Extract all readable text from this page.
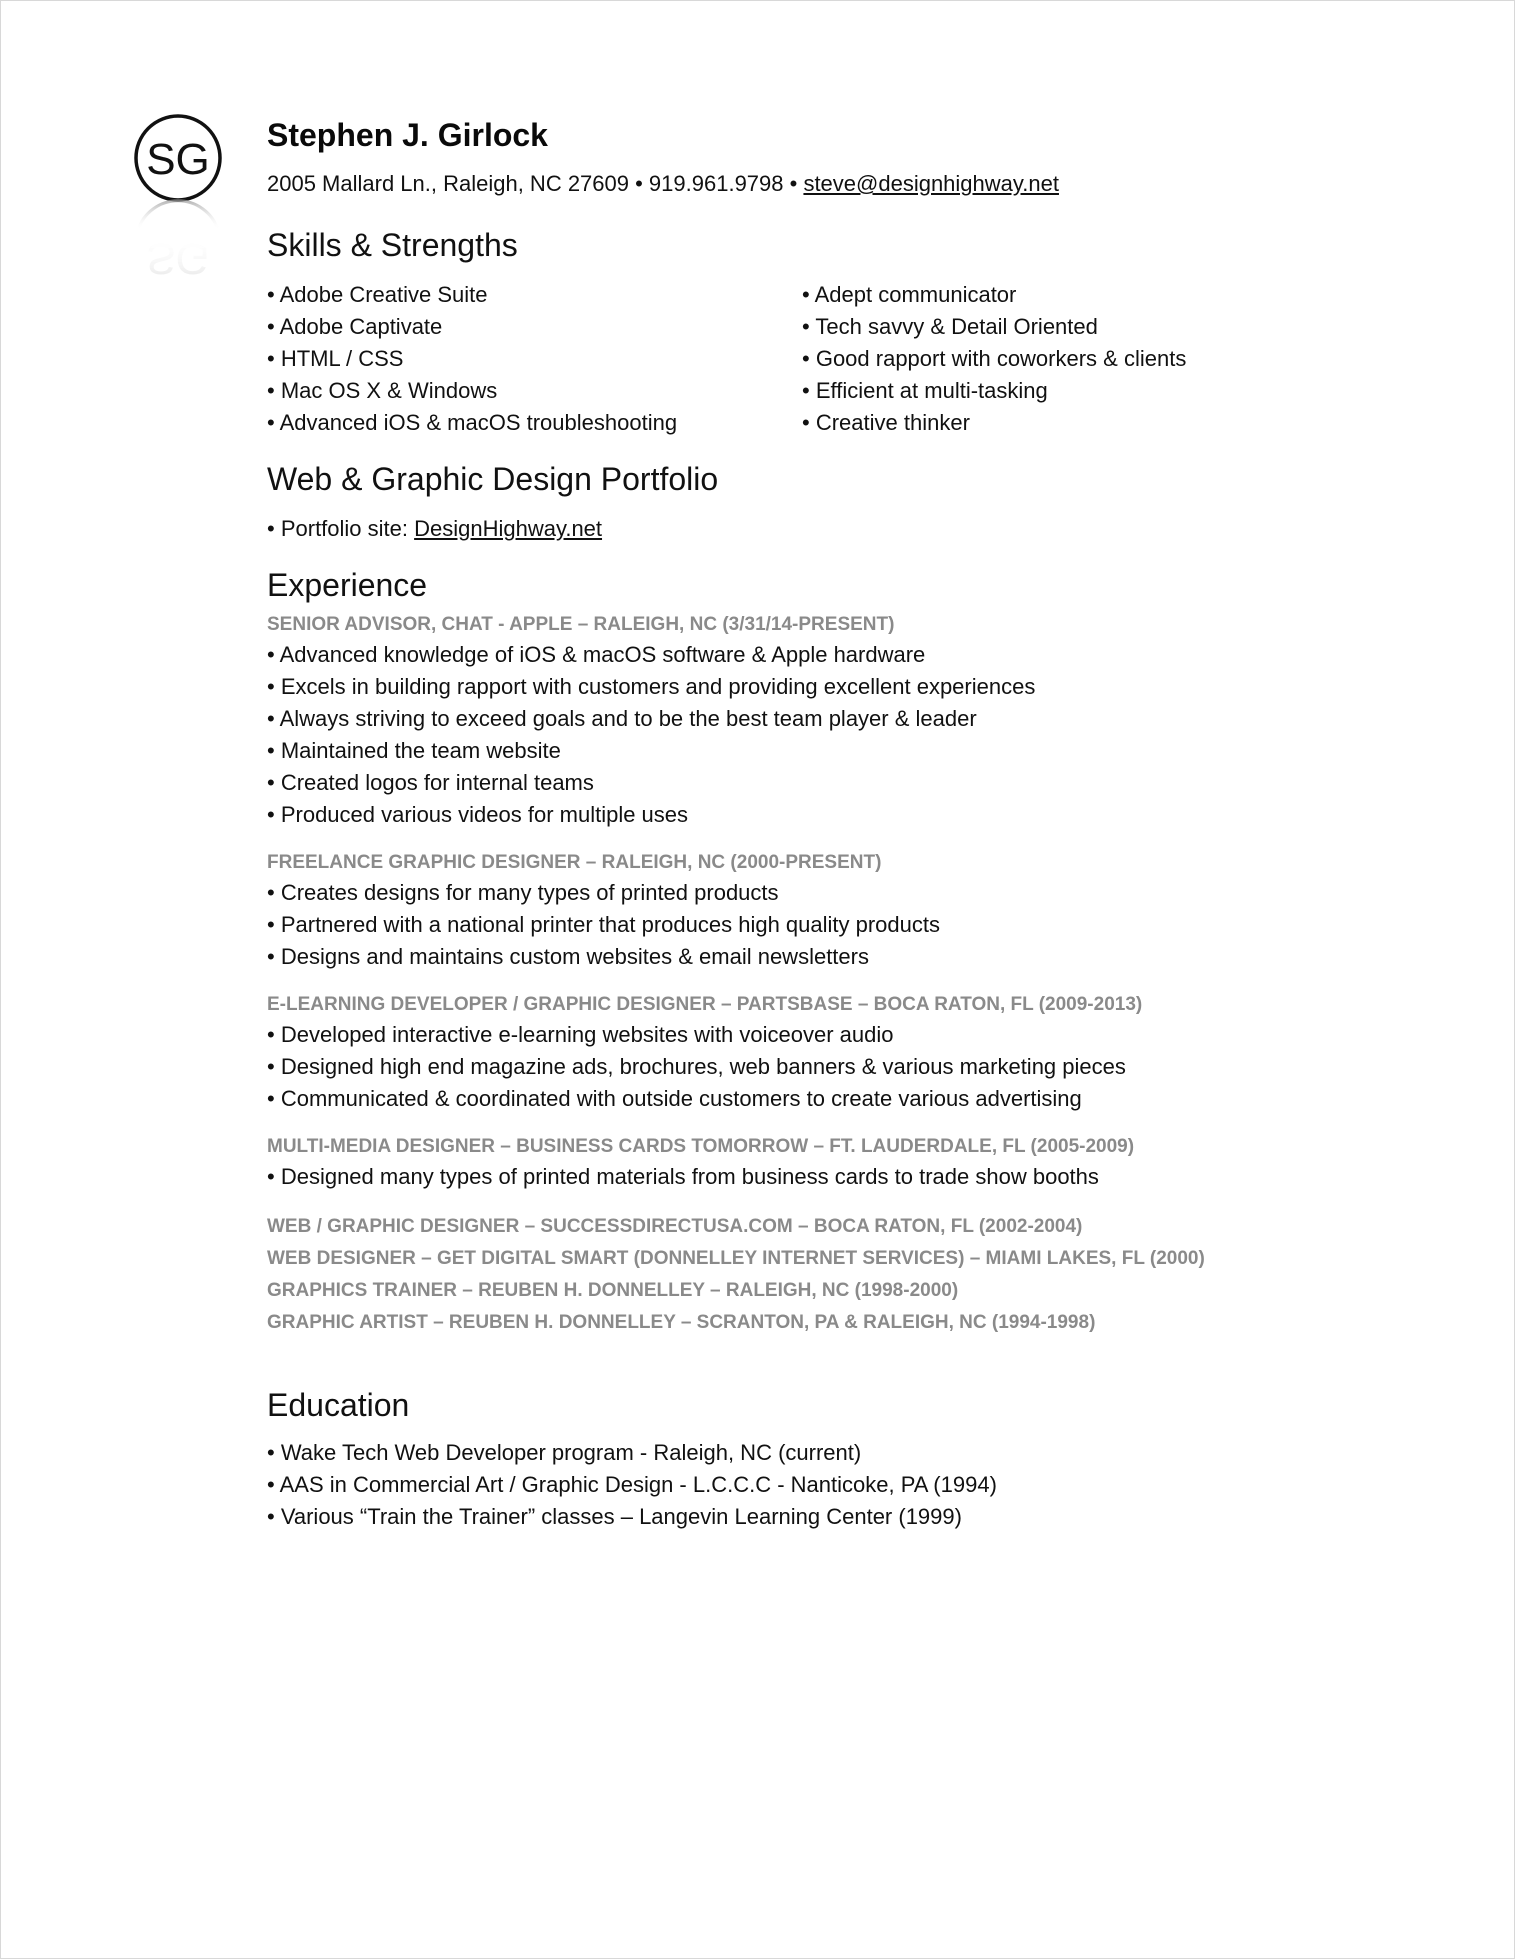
SG
SG
Stephen J. Girlock
2005 Mallard Ln., Raleigh, NC 27609 • 919.961.9798 • steve@designhighway.net
Skills & Strengths
• Adobe Creative Suite
• Adobe Captivate
• HTML / CSS
• Mac OS X & Windows
• Advanced iOS & macOS troubleshooting
• Adept communicator
• Tech savvy & Detail Oriented
• Good rapport with coworkers & clients
• Efficient at multi-tasking
• Creative thinker
Web & Graphic Design Portfolio
• Portfolio site: DesignHighway.net
Experience
SENIOR ADVISOR, CHAT - APPLE – RALEIGH, NC (3/31/14-PRESENT)
• Advanced knowledge of iOS & macOS software & Apple hardware
• Excels in building rapport with customers and providing excellent experiences
• Always striving to exceed goals and to be the best team player & leader
• Maintained the team website
• Created logos for internal teams
• Produced various videos for multiple uses
FREELANCE GRAPHIC DESIGNER – RALEIGH, NC (2000-PRESENT)
• Creates designs for many types of printed products
• Partnered with a national printer that produces high quality products
• Designs and maintains custom websites & email newsletters
E-LEARNING DEVELOPER / GRAPHIC DESIGNER – PARTSBASE – BOCA RATON, FL (2009-2013)
• Developed interactive e-learning websites with voiceover audio
• Designed high end magazine ads, brochures, web banners & various marketing pieces
• Communicated & coordinated with outside customers to create various advertising
MULTI-MEDIA DESIGNER – BUSINESS CARDS TOMORROW – FT. LAUDERDALE, FL (2005-2009)
• Designed many types of printed materials from business cards to trade show booths
WEB / GRAPHIC DESIGNER – SUCCESSDIRECTUSA.COM – BOCA RATON, FL (2002-2004)
WEB DESIGNER – GET DIGITAL SMART (DONNELLEY INTERNET SERVICES) – MIAMI LAKES, FL (2000)
GRAPHICS TRAINER – REUBEN H. DONNELLEY – RALEIGH, NC (1998-2000)
GRAPHIC ARTIST – REUBEN H. DONNELLEY – SCRANTON, PA & RALEIGH, NC (1994-1998)
Education
• Wake Tech Web Developer program - Raleigh, NC (current)
• AAS in Commercial Art / Graphic Design - L.C.C.C - Nanticoke, PA (1994)
• Various “Train the Trainer” classes – Langevin Learning Center (1999)
